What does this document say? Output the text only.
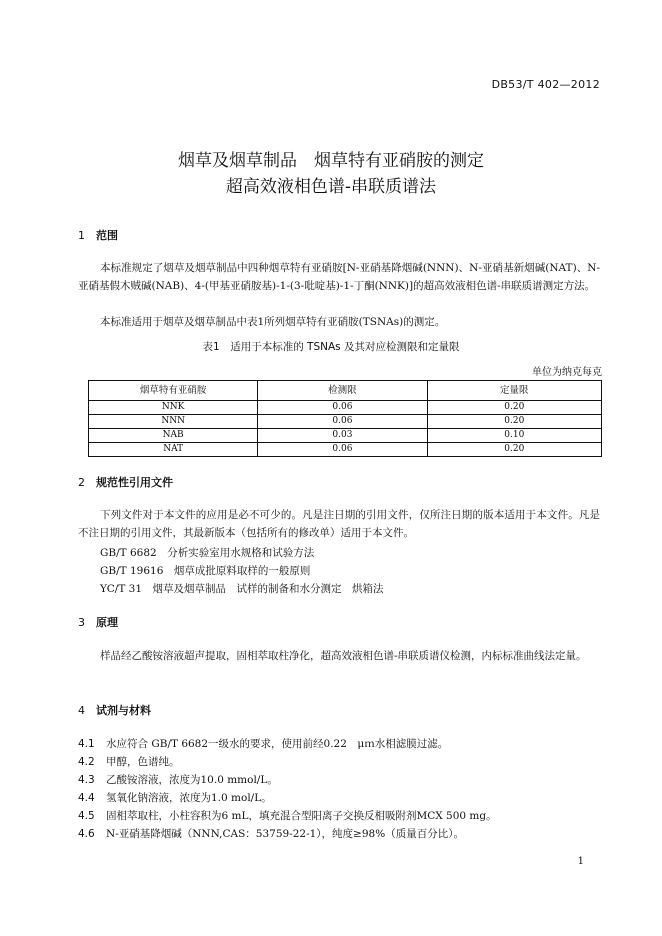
DB53/T 402—2012
烟草及烟草制品　烟草特有亚硝胺的测定
超高效液相色谱-串联质谱法
1 范围
本标准规定了烟草及烟草制品中四种烟草特有亚硝胺[N-亚硝基降烟碱(NNN)、N-亚硝基新烟碱(NAT)、N-亚硝基假木贼碱(NAB)、4-(甲基亚硝胺基)-1-(3-吡啶基)-1-丁酮(NNK)]的超高效液相色谱-串联质谱测定方法。
本标准适用于烟草及烟草制品中表1所列烟草特有亚硝胺(TSNAs)的测定。
表1　适用于本标准的 TSNAs 及其对应检测限和定量限
单位为纳克每克
烟草特有亚硝胺	检测限	定量限
NNK	0.06	0.20
NNN	0.06	0.20
NAB	0.03	0.10
NAT	0.06	0.20
2 规范性引用文件
下列文件对于本文件的应用是必不可少的。凡是注日期的引用文件，仅所注日期的版本适用于本文件。凡是不注日期的引用文件，其最新版本（包括所有的修改单）适用于本文件。
GB/T 6682　分析实验室用水规格和试验方法
GB/T 19616　烟草成批原料取样的一般原则
YC/T 31　烟草及烟草制品　试样的制备和水分测定　烘箱法
3 原理
样品经乙酸铵溶液超声提取，固相萃取柱净化，超高效液相色谱-串联质谱仪检测，内标标准曲线法定量。
4 试剂与材料
4.1 水应符合 GB/T 6682一级水的要求，使用前经0.22　μｍ水相滤膜过滤。
4.2 甲醇，色谱纯。
4.3 乙酸铵溶液，浓度为10.0 mmol/L。
4.4 氢氧化钠溶液，浓度为1.0 mol/L。
4.5 固相萃取柱，小柱容积为6 mL，填充混合型阳离子交换反相吸附剂MCX 500 mg。
4.6 N-亚硝基降烟碱（NNN,CAS：53759-22-1），纯度≥98%（质量百分比）。
1
